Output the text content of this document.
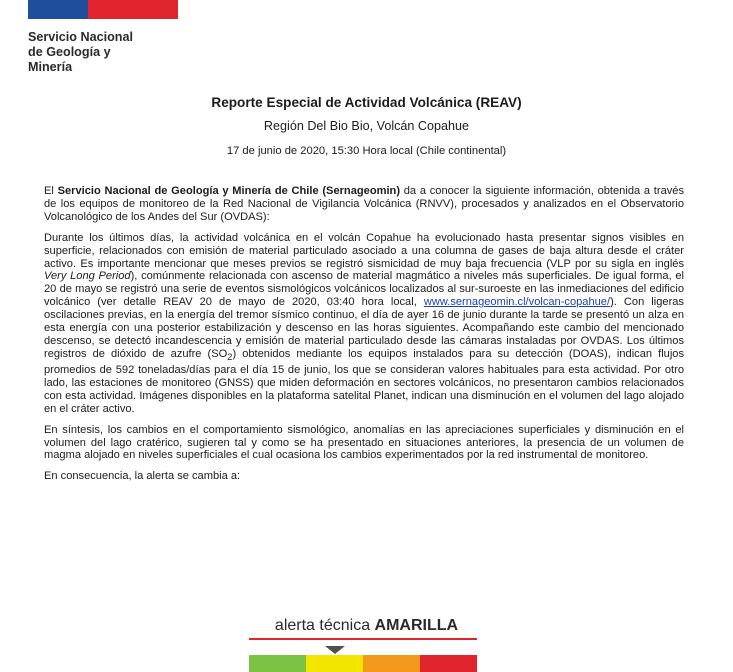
Servicio Nacional
de Geología y
Minería
Reporte Especial de Actividad Volcánica (REAV)
Región Del Bio Bio, Volcán Copahue
17 de junio de 2020, 15:30 Hora local (Chile continental)

El Servicio Nacional de Geología y Minería de Chile (Sernageomin) da a conocer la siguiente información, obtenida a través de los equipos de monitoreo de la Red Nacional de Vigilancia Volcánica (RNVV), procesados y analizados en el Observatorio Volcanológico de los Andes del Sur (OVDAS):

Durante los últimos días, la actividad volcánica en el volcán Copahue ha evolucionado hasta presentar signos visibles en superficie, relacionados con emisión de material particulado asociado a una columna de gases de baja altura desde el cráter activo. Es importante mencionar que meses previos se registró sismicidad de muy baja frecuencia (VLP por su sigla en inglés Very Long Period), comúnmente relacionada con ascenso de material magmático a niveles más superficiales. De igual forma, el 20 de mayo se registró una serie de eventos sismológicos volcánicos localizados al sur-suroeste en las inmediaciones del edificio volcánico (ver detalle REAV 20 de mayo de 2020, 03:40 hora local, www.sernageomin.cl/volcan-copahue/). Con ligeras oscilaciones previas, en la energía del tremor sísmico continuo, el día de ayer 16 de junio durante la tarde se presentó un alza en esta energía con una posterior estabilización y descenso en las horas siguientes. Acompañando este cambio del mencionado descenso, se detectó incandescencia y emisión de material particulado desde las cámaras instaladas por OVDAS. Los últimos registros de dióxido de azufre $(SO_2)$ obtenidos mediante los equipos instalados para su detección (DOAS), indican flujos promedios de 592 toneladas/días para el día 15 de junio, los que se consideran valores habituales para esta actividad. Por otro lado, las estaciones de monitoreo (GNSS) que miden deformación en sectores volcánicos, no presentaron cambios relacionados con esta actividad. Imágenes disponibles en la plataforma satelital Planet, indican una disminución en el volumen del lago alojado en el cráter activo.

En síntesis, los cambios en el comportamiento sismológico, anomalías en las apreciaciones superficiales y disminución en el volumen del lago cratérico, sugieren tal y como se ha presentado en situaciones anteriores, la presencia de un volumen de magma alojado en niveles superficiales el cual ocasiona los cambios experimentados por la red instrumental de monitoreo.

En consecuencia, la alerta se cambia a:

alerta técnica AMARILLA
